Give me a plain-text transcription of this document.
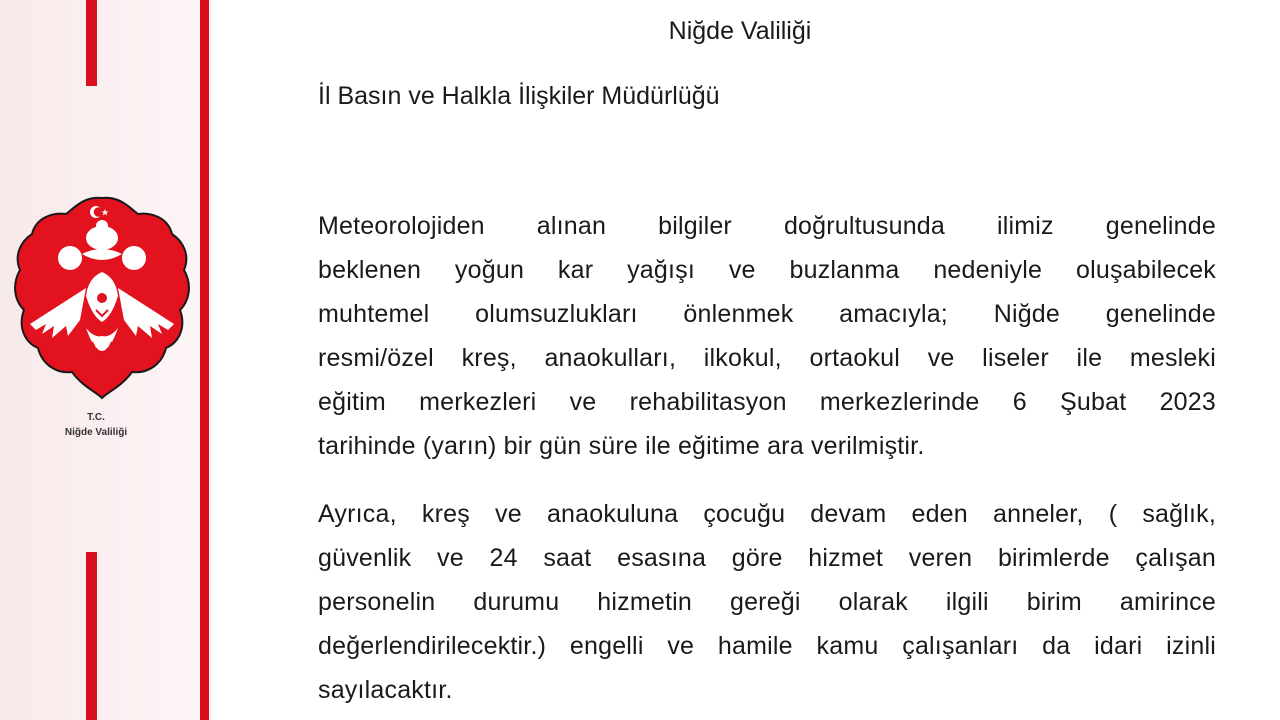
T.C.
Niğde Valiliği
Niğde Valiliği
İl Basın ve Halkla İlişkiler Müdürlüğü
Meteorolojiden alınan bilgiler doğrultusunda ilimiz genelinde
beklenen yoğun kar yağışı ve buzlanma nedeniyle oluşabilecek
muhtemel olumsuzlukları önlenmek amacıyla; Niğde genelinde
resmi/özel kreş, anaokulları, ilkokul, ortaokul ve liseler ile mesleki
eğitim merkezleri ve rehabilitasyon merkezlerinde 6 Şubat 2023
tarihinde (yarın) bir gün süre ile eğitime ara verilmiştir.
Ayrıca, kreş ve anaokuluna çocuğu devam eden anneler, ( sağlık,
güvenlik ve 24 saat esasına göre hizmet veren birimlerde çalışan
personelin durumu hizmetin gereği olarak ilgili birim amirince
değerlendirilecektir.) engelli ve hamile kamu çalışanları da idari izinli
sayılacaktır.
